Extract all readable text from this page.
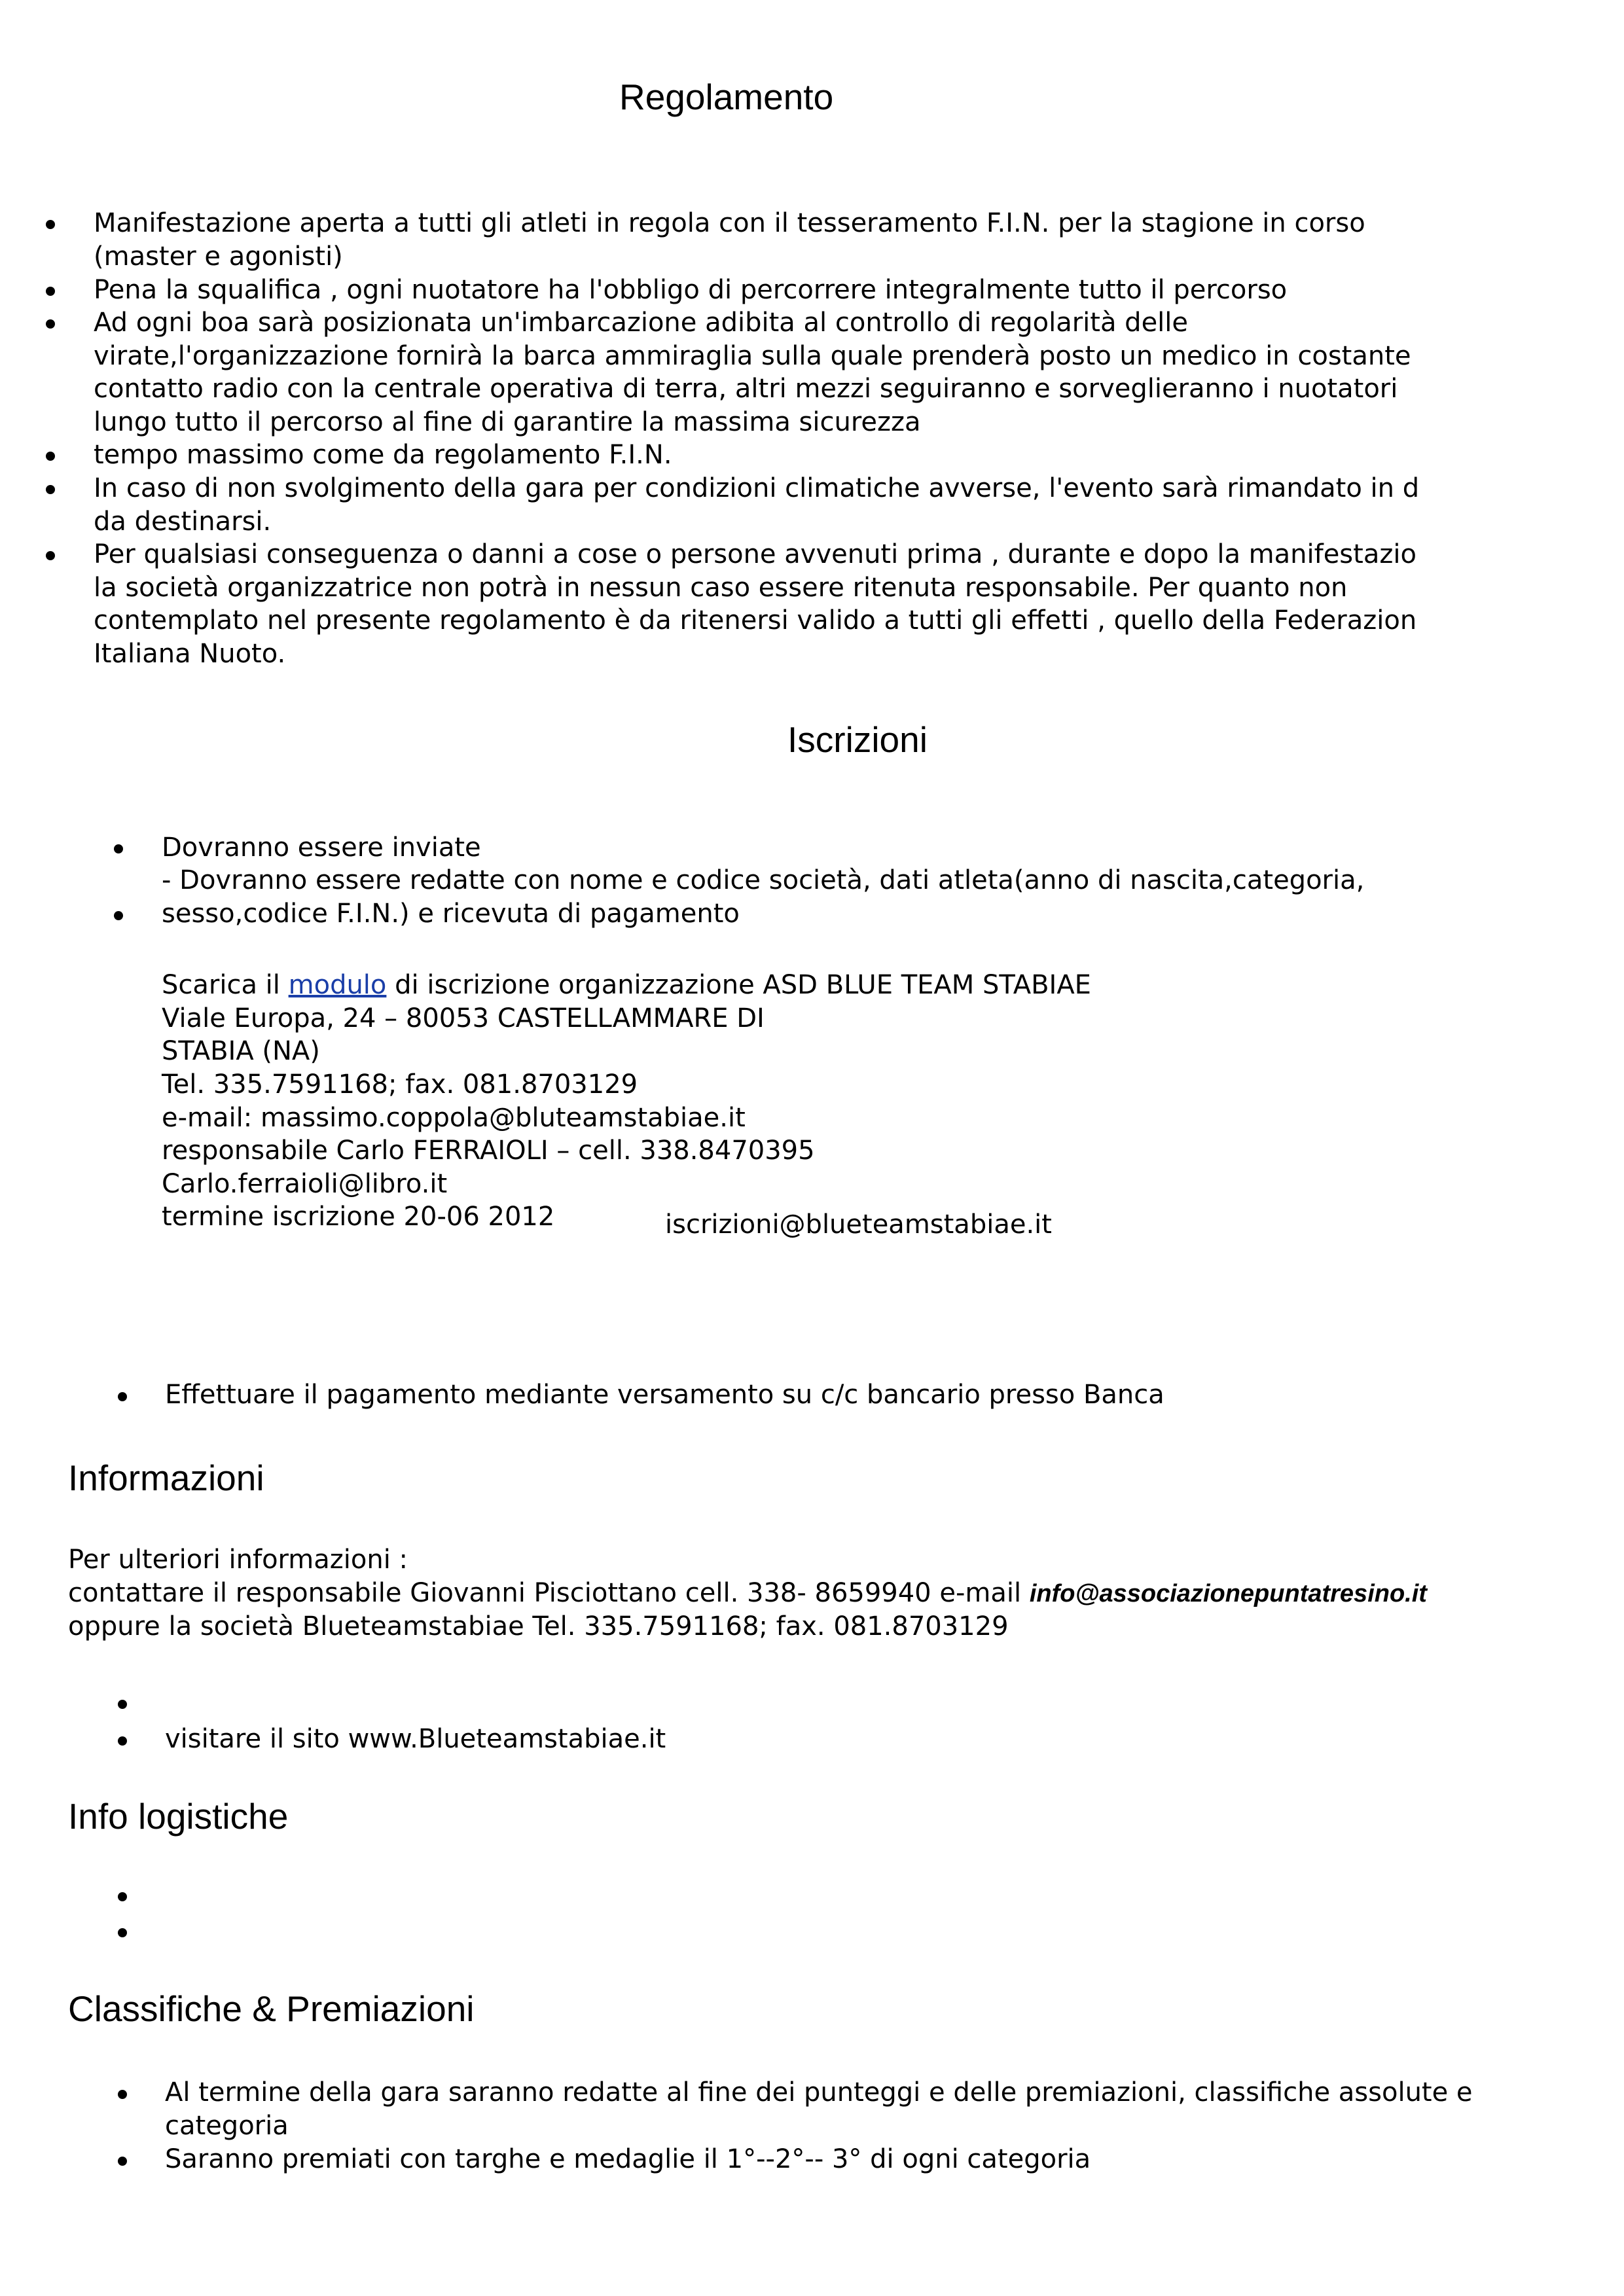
Regolamento
Manifestazione aperta a tutti gli atleti in regola con il tesseramento F.I.N. per la stagione in corso
(master e agonisti)
Pena la squalifica , ogni nuotatore ha l'obbligo di percorrere integralmente tutto il percorso
Ad ogni boa sarà posizionata un'imbarcazione adibita al controllo di regolarità delle
virate,l'organizzazione fornirà la barca ammiraglia sulla quale prenderà posto un medico in costante
contatto radio con la centrale operativa di terra, altri mezzi seguiranno e sorveglieranno i nuotatori
lungo tutto il percorso al fine di garantire la massima sicurezza
tempo massimo come da regolamento F.I.N.
In caso di non svolgimento della gara per condizioni climatiche avverse, l'evento sarà rimandato in d
da destinarsi.
Per qualsiasi conseguenza o danni a cose o persone avvenuti prima , durante e dopo la manifestazio
la società organizzatrice non potrà in nessun caso essere ritenuta responsabile. Per quanto non
contemplato nel presente regolamento è da ritenersi valido a tutti gli effetti , quello della Federazion
Italiana Nuoto.
Iscrizioni
Dovranno essere inviate
- Dovranno essere redatte con nome e codice società, dati atleta(anno di nascita,categoria,
sesso,codice F.I.N.) e ricevuta di pagamento
Scarica il modulo di iscrizione organizzazione ASD BLUE TEAM STABIAE
Viale Europa, 24 – 80053 CASTELLAMMARE DI
STABIA (NA)
Tel. 335.7591168; fax. 081.8703129
e-mail: massimo.coppola@bluteamstabiae.it
responsabile Carlo FERRAIOLI – cell. 338.8470395
Carlo.ferraioli@libro.it
termine iscrizione 20-06 2012	iscrizioni@blueteamstabiae.it
Effettuare il pagamento mediante versamento su c/c bancario presso Banca
Informazioni
Per ulteriori informazioni :
contattare il responsabile Giovanni Pisciottano cell. 338- 8659940 e-mail info@associazionepuntatresino.it
oppure la società Blueteamstabiae Tel. 335.7591168; fax. 081.8703129
visitare il sito www.Blueteamstabiae.it
Info logistiche
Classifiche & Premiazioni
Al termine della gara saranno redatte al fine dei punteggi e delle premiazioni, classifiche assolute e
categoria
Saranno premiati con targhe e medaglie il 1°--2°-- 3° di ogni categoria
